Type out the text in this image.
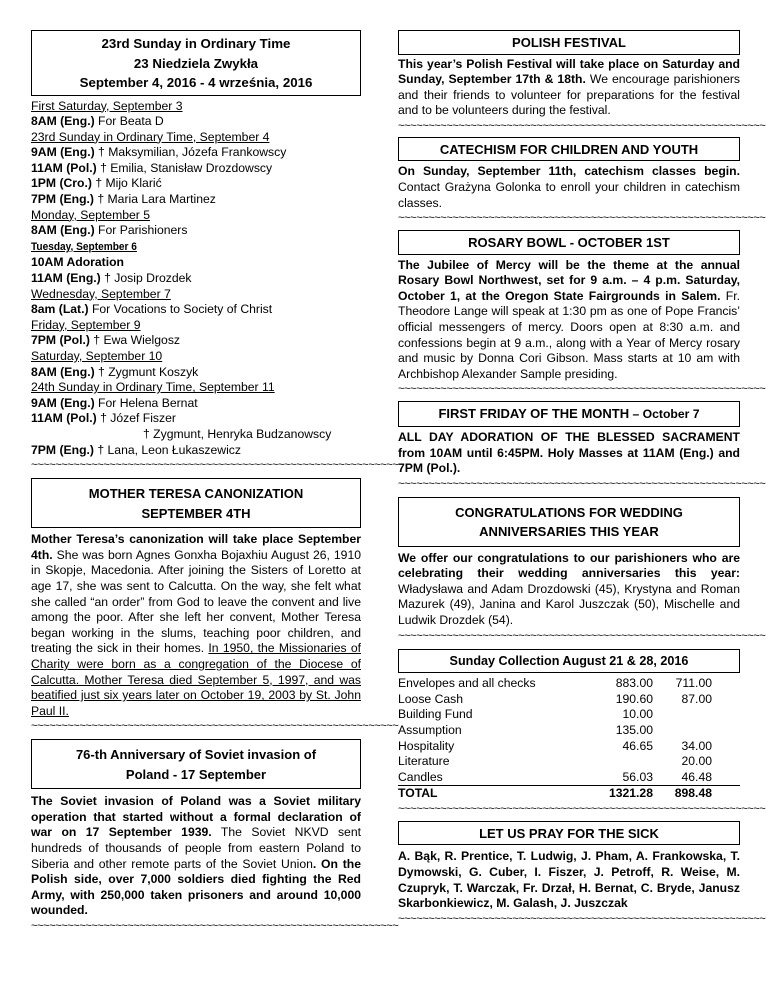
23rd Sunday in Ordinary Time
23 Niedziela Zwykła
September 4, 2016 - 4 września, 2016
First Saturday, September 3
8AM (Eng.) For Beata D
23rd Sunday in Ordinary Time, September 4
9AM (Eng.) † Maksymilian, Józefa Frankowscy
11AM (Pol.) † Emilia, Stanisław Drozdowscy
1PM (Cro.) † Mijo Klarić
7PM (Eng.) † Maria Lara Martinez
Monday, September 5
8AM (Eng.) For Parishioners
Tuesday, September 6
10AM Adoration
11AM (Eng.) † Josip Drozdek
Wednesday, September 7
8am (Lat.) For Vocations to Society of Christ
Friday, September 9
7PM (Pol.) † Ewa Wielgosz
Saturday, September 10
8AM (Eng.) † Zygmunt Koszyk
24th Sunday in Ordinary Time, September 11
9AM (Eng.) For Helena Bernat
11AM (Pol.) † Józef Fiszer
† Zygmunt, Henryka Budzanowscy
7PM (Eng.) † Lana, Leon Łukaszewicz
~~~~~~~~~~~~~~~~~~~~~~~~~~~~~~~~~~~~~~~~~~~~~~~~~~~~~~~~~~~~~
MOTHER TERESA CANONIZATION
SEPTEMBER 4TH
Mother Teresa’s canonization will take place September 4th. She was born Agnes Gonxha Bojaxhiu August 26, 1910 in Skopje, Macedonia. After joining the Sisters of Loretto at age 17, she was sent to Calcutta. On the way, she felt what she called “an order” from God to leave the convent and live among the poor. After she left her convent, Mother Teresa began working in the slums, teaching poor children, and treating the sick in their homes. In 1950, the Missionaries of Charity were born as a congregation of the Diocese of Calcutta. Mother Teresa died September 5, 1997, and was beatified just six years later on October 19, 2003 by St. John Paul II.
~~~~~~~~~~~~~~~~~~~~~~~~~~~~~~~~~~~~~~~~~~~~~~~~~~~~~~~~~~~~~
76-th Anniversary of Soviet invasion of
Poland - 17 September
The Soviet invasion of Poland was a Soviet military operation that started without a formal declaration of war on 17 September 1939. The Soviet NKVD sent hundreds of thousands of people from eastern Poland to Siberia and other remote parts of the Soviet Union. On the Polish side, over 7,000 soldiers died fighting the Red Army, with 250,000 taken prisoners and around 10,000 wounded.
~~~~~~~~~~~~~~~~~~~~~~~~~~~~~~~~~~~~~~~~~~~~~~~~~~~~~~~~~~~~~
POLISH FESTIVAL
This year’s Polish Festival will take place on Saturday and Sunday, September 17th & 18th. We encourage parishioners and their friends to volunteer for preparations for the festival and to be volunteers during the festival.
~~~~~~~~~~~~~~~~~~~~~~~~~~~~~~~~~~~~~~~~~~~~~~~~~~~~~~~~~~~~~
CATECHISM FOR CHILDREN AND YOUTH
On Sunday, September 11th, catechism classes begin. Contact Grażyna Golonka to enroll your children in catechism classes.
~~~~~~~~~~~~~~~~~~~~~~~~~~~~~~~~~~~~~~~~~~~~~~~~~~~~~~~~~~~~~
ROSARY BOWL - OCTOBER 1ST
The Jubilee of Mercy will be the theme at the annual Rosary Bowl Northwest, set for 9 a.m. – 4 p.m. Saturday, October 1, at the Oregon State Fairgrounds in Salem. Fr. Theodore Lange will speak at 1:30 pm as one of Pope Francis’ official messengers of mercy. Doors open at 8:30 a.m. and confessions begin at 9 a.m., along with a Year of Mercy rosary and music by Donna Cori Gibson. Mass starts at 10 am with Archbishop Alexander Sample presiding.
~~~~~~~~~~~~~~~~~~~~~~~~~~~~~~~~~~~~~~~~~~~~~~~~~~~~~~~~~~~~~
FIRST FRIDAY OF THE MONTH – October 7
ALL DAY ADORATION OF THE BLESSED SACRAMENT from 10AM until 6:45PM. Holy Masses at 11AM (Eng.) and 7PM (Pol.).
~~~~~~~~~~~~~~~~~~~~~~~~~~~~~~~~~~~~~~~~~~~~~~~~~~~~~~~~~~~~~
CONGRATULATIONS FOR WEDDING
ANNIVERSARIES THIS YEAR
We offer our congratulations to our parishioners who are celebrating their wedding anniversaries this year: Władysława and Adam Drozdowski (45), Krystyna and Roman Mazurek (49), Janina and Karol Juszczak (50), Mischelle and Ludwik Drozdek (54).
~~~~~~~~~~~~~~~~~~~~~~~~~~~~~~~~~~~~~~~~~~~~~~~~~~~~~~~~~~~~~
Sunday Collection August 21 & 28, 2016
Envelopes and all checks	883.00	711.00	
Loose Cash	190.60	87.00	
Building Fund	10.00		
Assumption	135.00		
Hospitality	46.65	34.00	
Literature		20.00	
Candles	56.03	46.48	
TOTAL	1321.28	898.48	
~~~~~~~~~~~~~~~~~~~~~~~~~~~~~~~~~~~~~~~~~~~~~~~~~~~~~~~~~~~~~
LET US PRAY FOR THE SICK
A. Bąk, R. Prentice, T. Ludwig, J. Pham, A. Frankowska, T. Dymowski, G. Cuber, I. Fiszer, J. Petroff, R. Weise, M. Czupryk, T. Warczak, Fr. Drzał, H. Bernat, C. Bryde, Janusz Skarbonkiewicz, M. Galash, J. Juszczak
~~~~~~~~~~~~~~~~~~~~~~~~~~~~~~~~~~~~~~~~~~~~~~~~~~~~~~~~~~~~~
